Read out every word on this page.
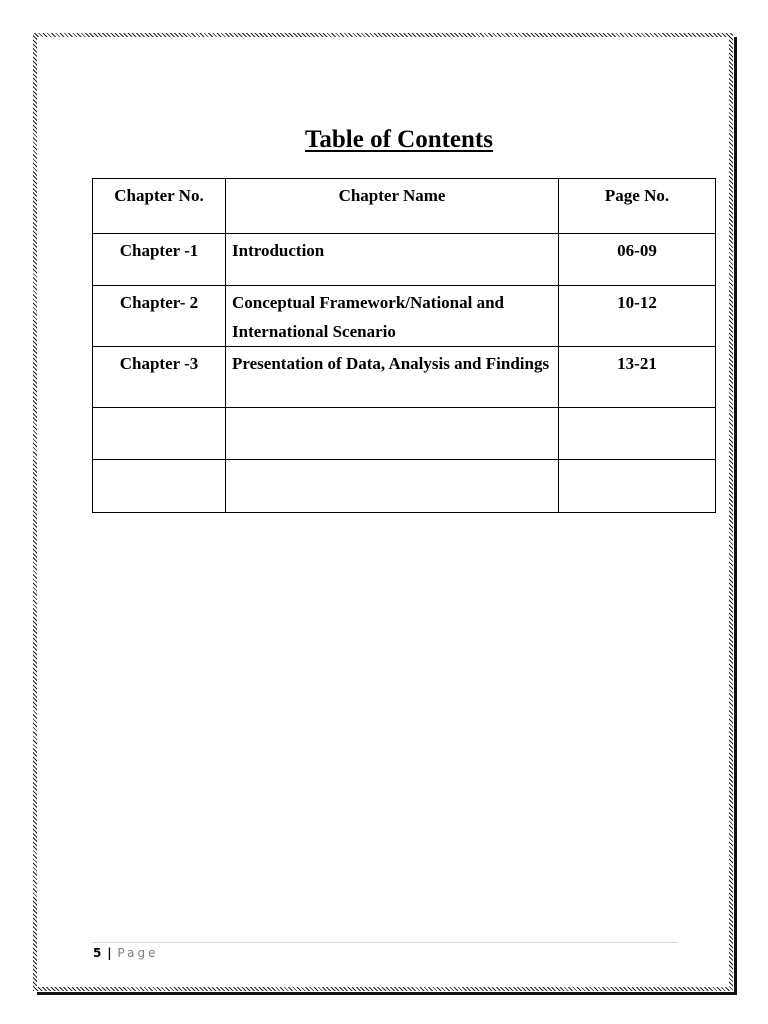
Table of Contents
Chapter No.	Chapter Name	Page No.
Chapter -1	Introduction	06-09
Chapter- 2	Conceptual Framework/National and International Scenario	10-12
Chapter -3	Presentation of Data, Analysis and Findings	13-21

5 | Page
